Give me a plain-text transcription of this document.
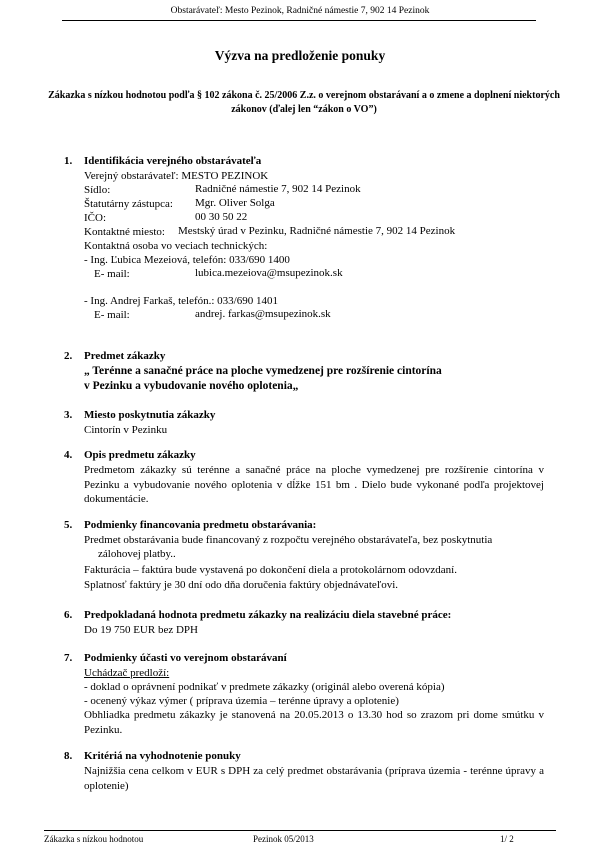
Obstarávateľ: Mesto Pezinok, Radničné námestie 7, 902 14 Pezinok
Výzva na predloženie ponuky
Zákazka s nízkou hodnotou podľa § 102 zákona č. 25/2006 Z.z. o verejnom obstarávaní a o zmene a doplnení niektorých zákonov (ďalej len “zákon o VO”)
1. Identifikácia verejného obstarávateľa
Verejný obstarávateľ: MESTO PEZINOK
Sídlo:	Radničné námestie 7, 902 14 Pezinok
Štatutárny zástupca: Mgr. Oliver Solga
IČO:	00 30 50 22
Kontaktné miesto: Mestský úrad v Pezinku, Radničné námestie 7, 902 14 Pezinok
Kontaktná osoba vo veciach technických:
- Ing. Ľubica Mezeiová, telefón: 033/690 1400
E- mail:	lubica.mezeiova@msupezinok.sk
- Ing. Andrej Farkaš, telefón.: 033/690 1401
E- mail:	andrej. farkas@msupezinok.sk
2. Predmet zákazky
„ Terénne a sanačné práce na ploche vymedzenej pre rozšírenie cintorína
v Pezinku a vybudovanie nového oplotenia„
3. Miesto poskytnutia zákazky
Cintorín v Pezinku
4. Opis predmetu zákazky
Predmetom zákazky sú terénne a sanačné práce na ploche vymedzenej pre rozšírenie cintorína v Pezinku a vybudovanie nového oplotenia v dĺžke 151 bm . Dielo bude vykonané podľa projektovej dokumentácie.
5. Podmienky financovania predmetu obstarávania:
Predmet obstarávania bude financovaný z rozpočtu verejného obstarávateľa, bez poskytnutia
zálohovej platby..
Fakturácia – faktúra bude vystavená po dokončení diela a protokolárnom odovzdaní.
Splatnosť faktúry je 30 dní odo dňa doručenia faktúry objednávateľovi.
6. Predpokladaná hodnota predmetu zákazky na realizáciu diela stavebné práce:
Do 19 750 EUR bez DPH
7. Podmienky účasti vo verejnom obstarávaní
Uchádzač predloží:
- doklad o oprávnení podnikať v predmete zákazky (originál alebo overená kópia)
- ocenený výkaz výmer ( príprava územia – terénne úpravy a oplotenie)
Obhliadka predmetu zákazky je stanovená na 20.05.2013 o 13.30 hod so zrazom pri dome smútku v Pezinku.
8. Kritériá na vyhodnotenie ponuky
Najnižšia cena celkom v EUR s DPH za celý predmet obstarávania (príprava územia - terénne úpravy a oplotenie)
Zákazka s nízkou hodnotou	Pezinok 05/2013	1/ 2
